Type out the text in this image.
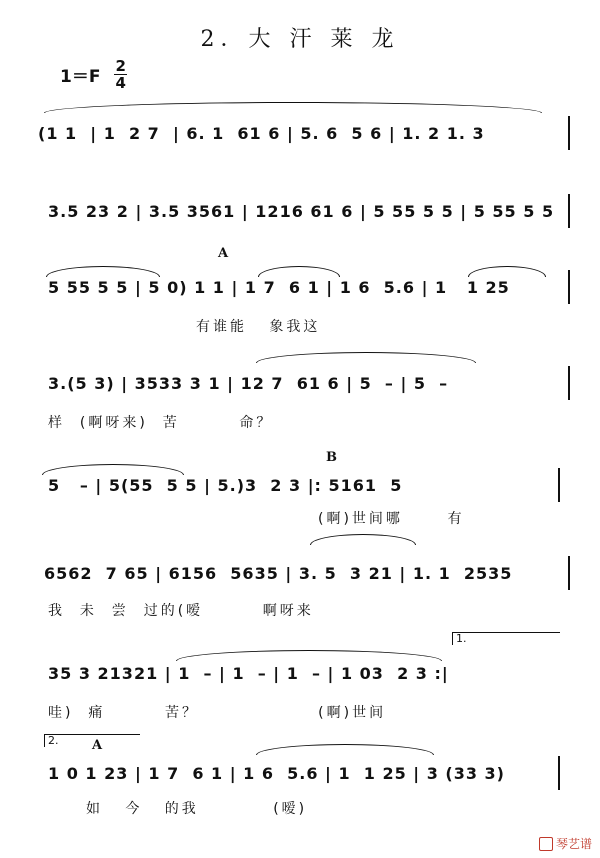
2．大 汗 莱 龙
1＝F
2
4
(1 1  | 1  2 7  | 6. 1  61 6 | 5. 6  5 6 | 1. 2 1. 3
3.5 23 2 | 3.5 3561 | 1216 61 6 | 5 55 5 5 | 5 55 5 5
A
5 55 5 5 | 5 0) 1 1 | 1 7  6 1 | 1 6  5.6 | 1   1 25
有谁能   象我这
3.(5 3) | 3533 3 1 | 12 7  61 6 | 5  – | 5  –
样  (啊呀来)  苦        命？
B
5   – | 5(55  5 5 | 5.)3  2 3 |: 5161  5
(啊)世间哪      有
6562  7 65 | 6156  5635 | 3. 5  3 21 | 1. 1  2535
我  未  尝  过的(嗳        啊呀来
1.
35 3 21321 | 1  – | 1  – | 1  – | 1 03  2 3 :|
哇)  痛        苦？                (啊)世间
2.	A
1 0 1 23 | 1 7  6 1 | 1 6  5.6 | 1  1 25 | 3 (33 3)
如   今   的我          (嗳)
琴艺谱
